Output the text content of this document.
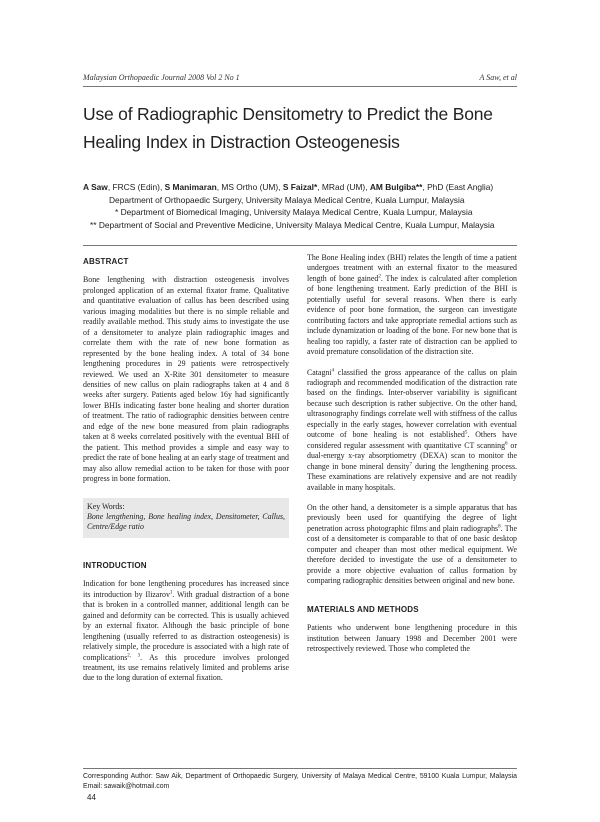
Malaysian Orthopaedic Journal 2008 Vol 2 No 1	A Saw, et al
Use of Radiographic Densitometry to Predict the Bone
Healing Index in Distraction Osteogenesis
A Saw, FRCS (Edin), S Manimaran, MS Ortho (UM), S Faizal*, MRad (UM), AM Bulgiba**, PhD (East Anglia)
Department of Orthopaedic Surgery, University Malaya Medical Centre, Kuala Lumpur, Malaysia
* Department of Biomedical Imaging, University Malaya Medical Centre, Kuala Lumpur, Malaysia
** Department of Social and Preventive Medicine, University Malaya Medical Centre, Kuala Lumpur, Malaysia
ABSTRACT

Bone lengthening with distraction osteogenesis involves prolonged application of an external fixator frame. Qualitative and quantitative evaluation of callus has been described using various imaging modalities but there is no simple reliable and readily available method. This study aims to investigate the use of a densitometer to analyze plain radiographic images and correlate them with the rate of new bone formation as represented by the bone healing index. A total of 34 bone lengthening procedures in 29 patients were retrospectively reviewed. We used an X-Rite 301 densitometer to measure densities of new callus on plain radiographs taken at 4 and 8 weeks after surgery. Patients aged below 16y had significantly lower BHIs indicating faster bone healing and shorter duration of treatment. The ratio of radiographic densities between centre and edge of the new bone measured from plain radiographs taken at 8 weeks correlated positively with the eventual BHI of the patient. This method provides a simple and easy way to predict the rate of bone healing at an early stage of treatment and may also allow remedial action to be taken for those with poor progress in bone formation.

Key Words:
Bone lengthening, Bone healing index, Densitometer, Callus, Centre/Edge ratio
INTRODUCTION

Indication for bone lengthening procedures has increased since its introduction by Ilizarov$^1$. With gradual distraction of a bone that is broken in a controlled manner, additional length can be gained and deformity can be corrected. This is usually achieved by an external fixator. Although the basic principle of bone lengthening (usually referred to as distraction osteogenesis) is relatively simple, the procedure is associated with a high rate of complications$^{2, 3}$. As this procedure involves prolonged treatment, its use remains relatively limited and problems arise due to the long duration of external fixation.

The Bone Healing index (BHI) relates the length of time a patient undergoes treatment with an external fixator to the measured length of bone gained$^2$. The index is calculated after completion of bone lengthening treatment. Early prediction of the BHI is potentially useful for several reasons. When there is early evidence of poor bone formation, the surgeon can investigate contributing factors and take appropriate remedial actions such as include dynamization or loading of the bone. For new bone that is healing too rapidly, a faster rate of distraction can be applied to avoid premature consolidation of the distraction site.

Catagni$^4$ classified the gross appearance of the callus on plain radiograph and recommended modification of the distraction rate based on the findings. Inter-observer variability is significant because such description is rather subjective. On the other hand, ultrasonography findings correlate well with stiffness of the callus especially in the early stages, however correlation with eventual outcome of bone healing is not established$^5$. Others have considered regular assessment with quantitative CT scanning$^6$ or dual-energy x-ray absorptiometry (DEXA) scan to monitor the change in bone mineral density$^7$ during the lengthening process. These examinations are relatively expensive and are not readily available in many hospitals.

On the other hand, a densitometer is a simple apparatus that has previously been used for quantifying the degree of light penetration across photographic films and plain radiographs$^8$. The cost of a densitometer is comparable to that of one basic desktop computer and cheaper than most other medical equipment. We therefore decided to investigate the use of a densitometer to provide a more objective evaluation of callus formation by comparing radiographic densities between original and new bone.

MATERIALS AND METHODS

Patients who underwent bone lengthening procedure in this institution between January 1998 and December 2001 were retrospectively reviewed. Those who completed the

Corresponding Author: Saw Aik, Department of Orthopaedic Surgery, University of Malaya Medical Centre, 59100 Kuala Lumpur, Malaysia Email: sawaik@hotmail.com
44
